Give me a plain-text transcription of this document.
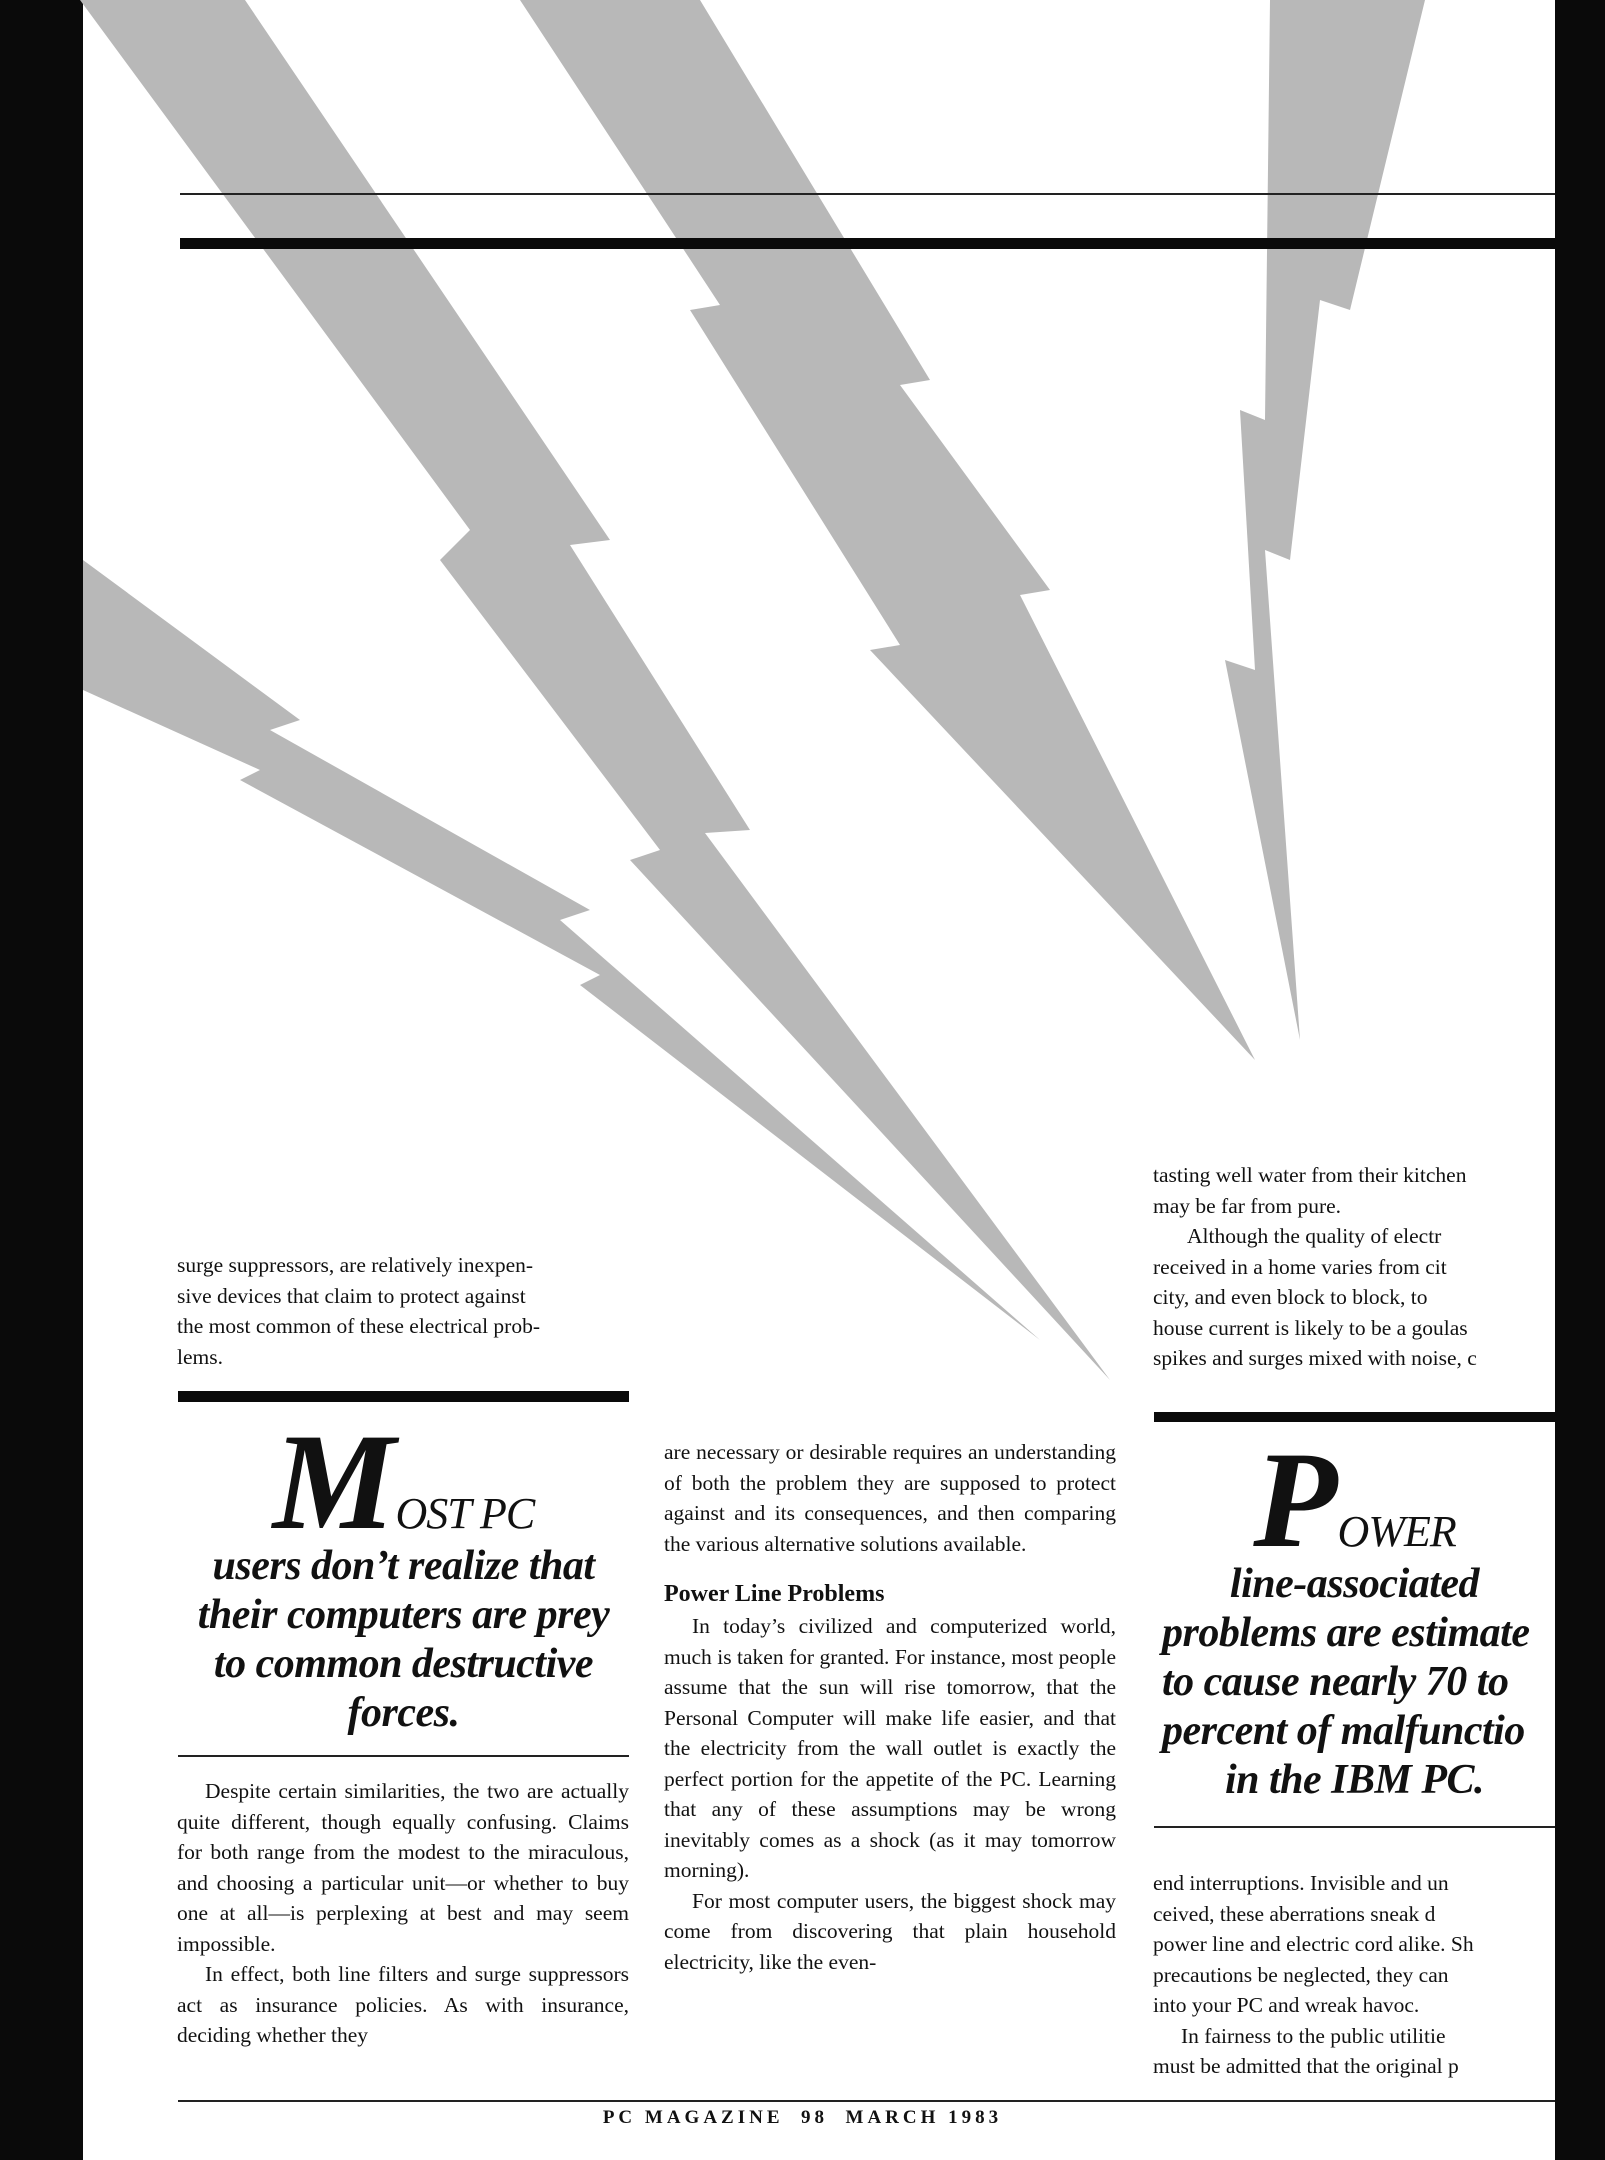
surge suppressors, are relatively inexpen-

sive devices that claim to protect against

the most common of these electrical prob-

lems.

tasting well water from their kitchen

may be far from pure.

Although the quality of electr

received in a home varies from cit

city, and even block to block, to

house current is likely to be a goulas

spikes and surges mixed with noise, c

MOST PC
users don’t realize that
their computers are prey
to common destructive
forces.
POWER
line-associated
problems are estimate
to cause nearly 70 to
percent of malfunctio
in the IBM PC.

Despite certain similarities, the two are actually quite different, though equally confusing. Claims for both range from the modest to the miraculous, and choosing a particular unit—or whether to buy one at all—is perplexing at best and may seem impossible.

In effect, both line filters and surge suppressors act as insurance policies. As with insurance, deciding whether they

are necessary or desirable requires an understanding of both the problem they are supposed to protect against and its consequences, and then comparing the various alternative solutions available.

Power Line Problems

In today’s civilized and computerized world, much is taken for granted. For instance, most people assume that the sun will rise tomorrow, that the Personal Computer will make life easier, and that the electricity from the wall outlet is exactly the perfect portion for the appetite of the PC. Learning that any of these assumptions may be wrong inevitably comes as a shock (as it may tomorrow morning).

For most computer users, the biggest shock may come from discovering that plain household electricity, like the even-

end interruptions. Invisible and un

ceived, these aberrations sneak d

power line and electric cord alike. Sh

precautions be neglected, they can

into your PC and wreak havoc.

In fairness to the public utilitie

must be admitted that the original p

PC MAGAZINE  98  MARCH 1983
